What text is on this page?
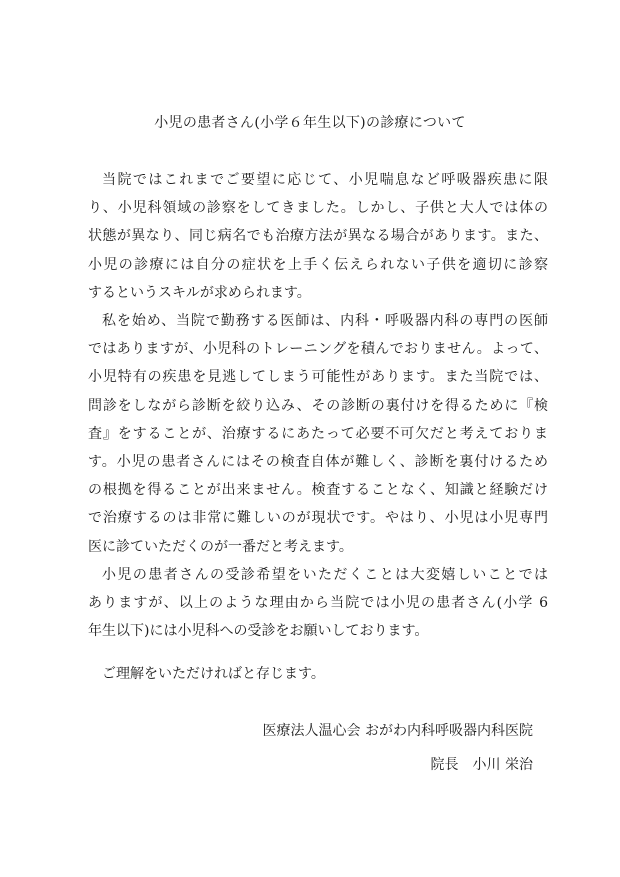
小児の患者さん(小学６年生以下)の診療について
当院ではこれまでご要望に応じて、小児喘息など呼吸器疾患に限
り、小児科領域の診察をしてきました。しかし、子供と大人では体の
状態が異なり、同じ病名でも治療方法が異なる場合があります。また、
小児の診療には自分の症状を上手く伝えられない子供を適切に診察
するというスキルが求められます。
私を始め、当院で勤務する医師は、内科・呼吸器内科の専門の医師
ではありますが、小児科のトレーニングを積んでおりません。よって、
小児特有の疾患を見逃してしまう可能性があります。また当院では、
問診をしながら診断を絞り込み、その診断の裏付けを得るために『検
査』をすることが、治療するにあたって必要不可欠だと考えておりま
す。小児の患者さんにはその検査自体が難しく、診断を裏付けるため
の根拠を得ることが出来ません。検査することなく、知識と経験だけ
で治療するのは非常に難しいのが現状です。やはり、小児は小児専門
医に診ていただくのが一番だと考えます。
小児の患者さんの受診希望をいただくことは大変嬉しいことでは
ありますが、以上のような理由から当院では小児の患者さん(小学 6
年生以下)には小児科への受診をお願いしております。
ご理解をいただければと存じます。
医療法人温心会 おがわ内科呼吸器内科医院
院長　小川 栄治
